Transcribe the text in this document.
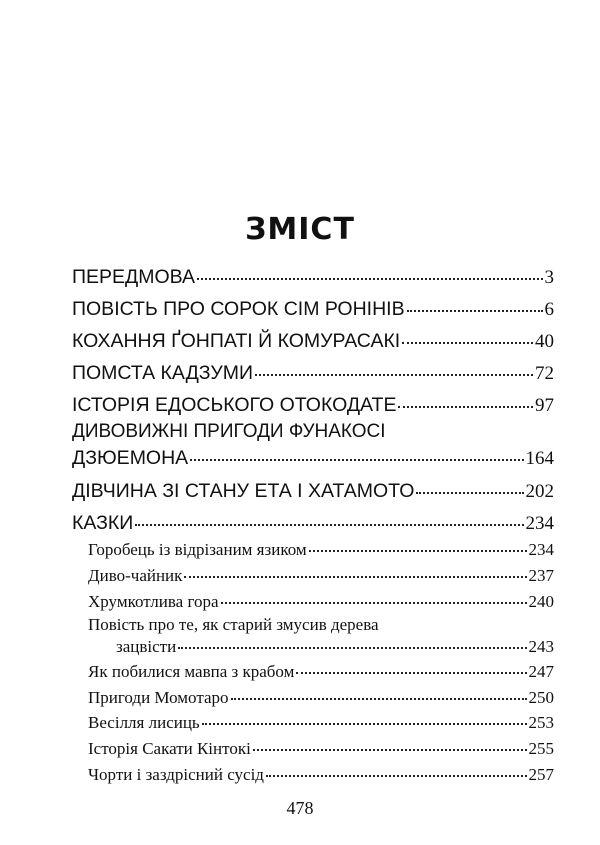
ЗМІСТ
ПЕРЕДМОВА	3
ПОВІСТЬ ПРО СОРОК СІМ РОНІНІВ	6
КОХАННЯ ҐОНПАТІ Й КОМУРАСАКІ	40
ПОМСТА КАДЗУМИ	72
ІСТОРІЯ ЕДОСЬКОГО ОТОКОДАТЕ	97
ДИВОВИЖНІ ПРИГОДИ ФУНАКОСІ
ДЗЮЕМОНА	164
ДІВЧИНА ЗІ СТАНУ ЕТА І ХАТАМОТО	202
КАЗКИ	234
Горобець із відрізаним язиком	234
Диво-чайник	237
Хрумкотлива гора	240
Повість про те, як старий змусив дерева
зацвісти	243
Як побилися мавпа з крабом	247
Пригоди Момотаро	250
Весілля лисиць	253
Історія Сакати Кінтокі	255
Чорти і заздрісний сусід	257
478
